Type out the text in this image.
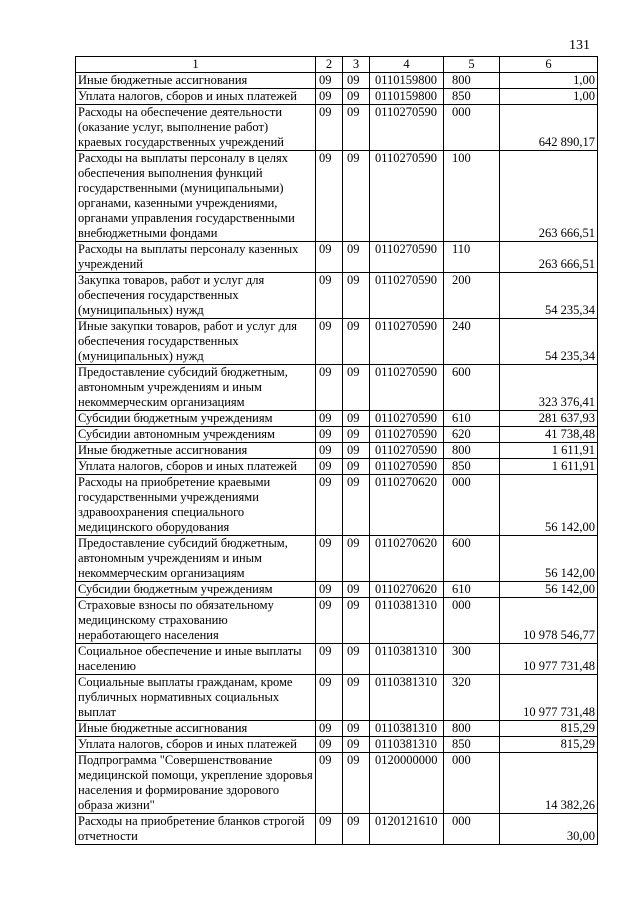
131
1	2	3	4	5	6
Иные бюджетные ассигнования	09	09	0110159800	800	1,00
Уплата налогов, сборов и иных платежей	09	09	0110159800	850	1,00
Расходы на обеспечение деятельности (оказание услуг, выполнение работ) краевых государственных учреждений	09	09	0110270590	000	642 890,17
Расходы на выплаты персоналу в целях обеспечения выполнения функций государственными (муниципальными) органами, казенными учреждениями, органами управления государственными внебюджетными фондами	09	09	0110270590	100	263 666,51
Расходы на выплаты персоналу казенных учреждений	09	09	0110270590	110	263 666,51
Закупка товаров, работ и услуг для обеспечения государственных (муниципальных) нужд	09	09	0110270590	200	54 235,34
Иные закупки товаров, работ и услуг для обеспечения государственных (муниципальных) нужд	09	09	0110270590	240	54 235,34
Предоставление субсидий бюджетным, автономным учреждениям и иным некоммерческим организациям	09	09	0110270590	600	323 376,41
Субсидии бюджетным учреждениям	09	09	0110270590	610	281 637,93
Субсидии автономным учреждениям	09	09	0110270590	620	41 738,48
Иные бюджетные ассигнования	09	09	0110270590	800	1 611,91
Уплата налогов, сборов и иных платежей	09	09	0110270590	850	1 611,91
Расходы на приобретение краевыми государственными учреждениями здравоохранения специального медицинского оборудования	09	09	0110270620	000	56 142,00
Предоставление субсидий бюджетным, автономным учреждениям и иным некоммерческим организациям	09	09	0110270620	600	56 142,00
Субсидии бюджетным учреждениям	09	09	0110270620	610	56 142,00
Страховые взносы по обязательному медицинскому страхованию неработающего населения	09	09	0110381310	000	10 978 546,77
Социальное обеспечение и иные выплаты населению	09	09	0110381310	300	10 977 731,48
Социальные выплаты гражданам, кроме публичных нормативных социальных выплат	09	09	0110381310	320	10 977 731,48
Иные бюджетные ассигнования	09	09	0110381310	800	815,29
Уплата налогов, сборов и иных платежей	09	09	0110381310	850	815,29
Подпрограмма "Совершенствование медицинской помощи, укрепление здоровья населения и формирование здорового образа жизни"	09	09	0120000000	000	14 382,26
Расходы на приобретение бланков строгой отчетности	09	09	0120121610	000	30,00
